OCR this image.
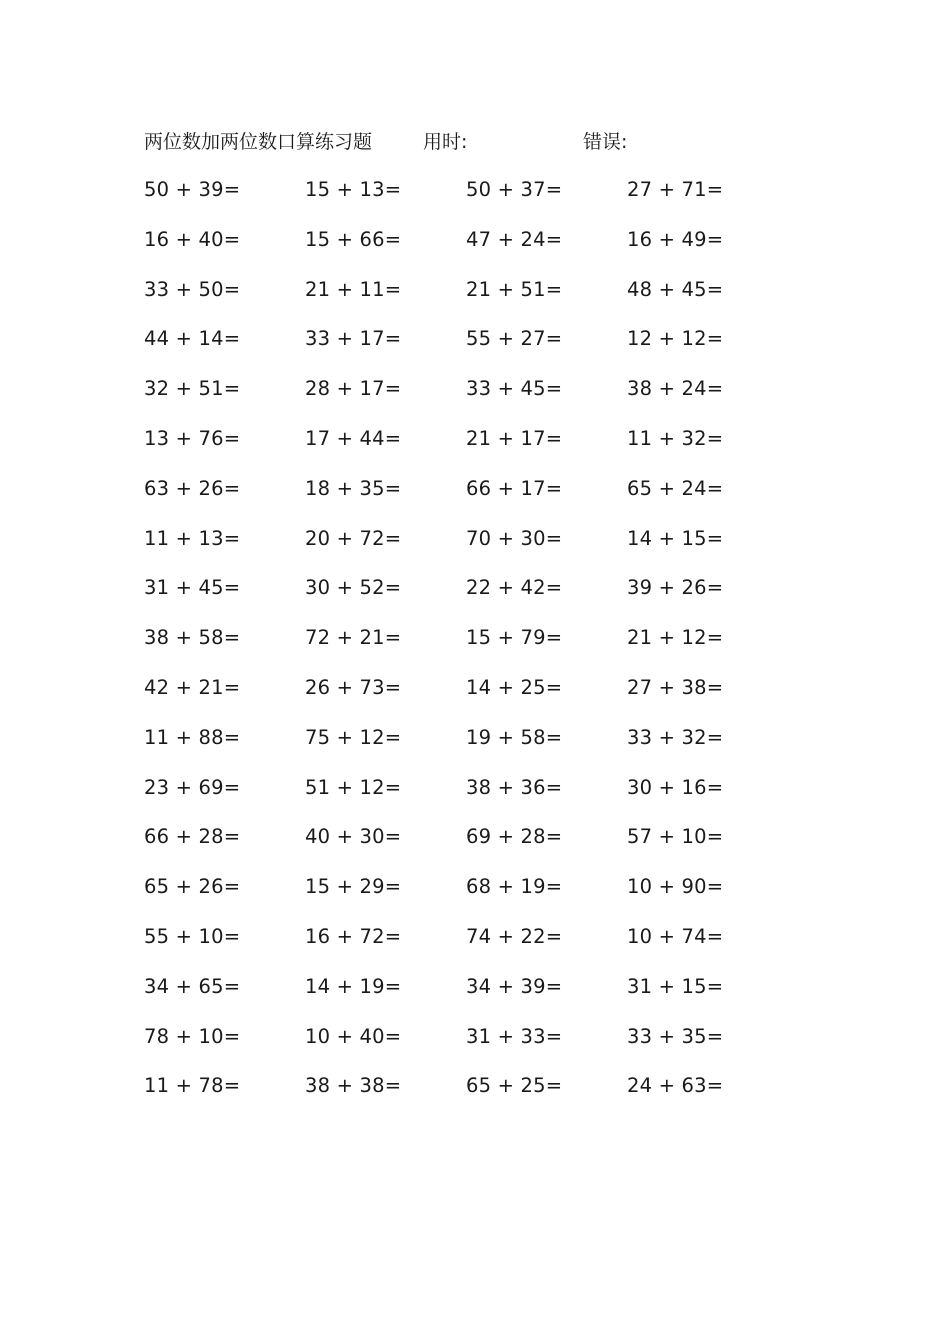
两位数加两位数口算练习题	用时:	错误:
50 + 39=	15 + 13=	50 + 37=	27 + 71=
16 + 40=	15 + 66=	47 + 24=	16 + 49=
33 + 50=	21 + 11=	21 + 51=	48 + 45=
44 + 14=	33 + 17=	55 + 27=	12 + 12=
32 + 51=	28 + 17=	33 + 45=	38 + 24=
13 + 76=	17 + 44=	21 + 17=	11 + 32=
63 + 26=	18 + 35=	66 + 17=	65 + 24=
11 + 13=	20 + 72=	70 + 30=	14 + 15=
31 + 45=	30 + 52=	22 + 42=	39 + 26=
38 + 58=	72 + 21=	15 + 79=	21 + 12=
42 + 21=	26 + 73=	14 + 25=	27 + 38=
11 + 88=	75 + 12=	19 + 58=	33 + 32=
23 + 69=	51 + 12=	38 + 36=	30 + 16=
66 + 28=	40 + 30=	69 + 28=	57 + 10=
65 + 26=	15 + 29=	68 + 19=	10 + 90=
55 + 10=	16 + 72=	74 + 22=	10 + 74=
34 + 65=	14 + 19=	34 + 39=	31 + 15=
78 + 10=	10 + 40=	31 + 33=	33 + 35=
11 + 78=	38 + 38=	65 + 25=	24 + 63=
